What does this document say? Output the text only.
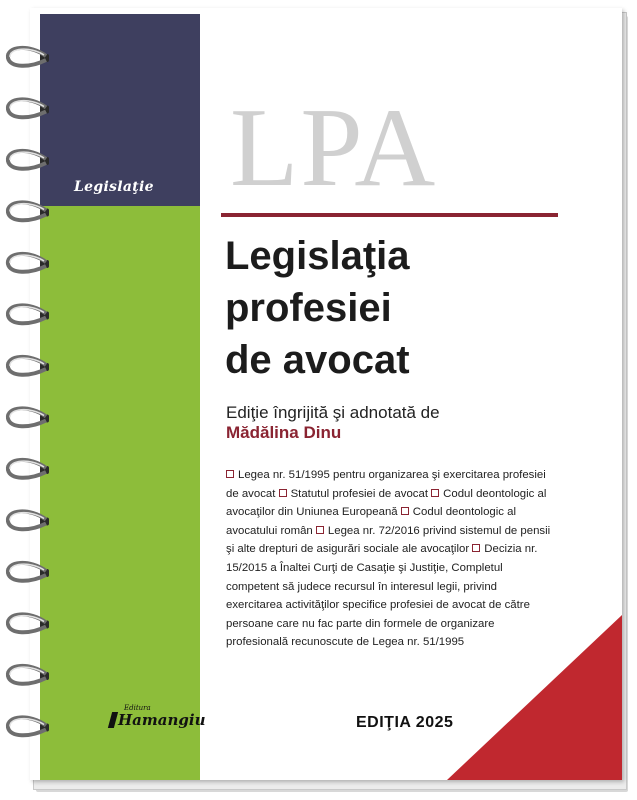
Legislaţie LPA
Legislaţia
profesiei
de avocat
Ediţie îngrijită şi adnotată de
Mădălina Dinu
Legea nr. 51/1995 pentru organizarea şi exercitarea profesiei de avocat Statutul profesiei de avocat Codul deontologic al avocaţilor din Uniunea Europeană Codul deontologic al avocatului român Legea nr. 72/2016 privind sistemul de pensii şi alte drepturi de asigurări sociale ale avocaţilor Decizia nr. 15/2015 a Înaltei Curţi de Casaţie şi Justiţie, Completul competent să judece recursul în interesul legii, privind exercitarea activităţilor specifice profesiei de avocat de către persoane care nu fac parte din formele de organizare profesională recunoscute de Legea nr. 51/1995
EDIŢIA 2025
Editura
Hamangiu
